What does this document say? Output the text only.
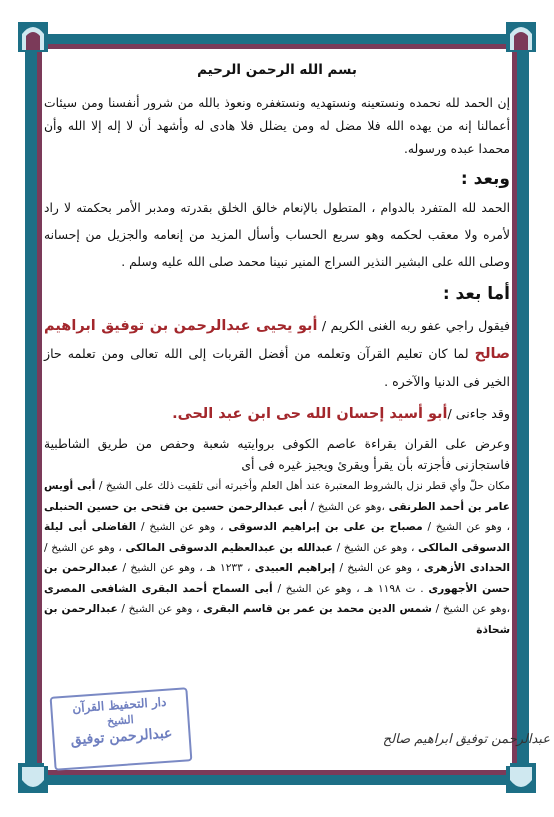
بسم الله الرحمن الرحيم

إن الحمد لله نحمده ونستعينه ونستهديه ونستغفره ونعوذ بالله من شرور أنفسنا ومن سيئات أعمالنا إنه من يهده الله فلا مضل له ومن يضلل فلا هادى له وأشهد أن لا إله إلا الله وأن محمدا عبده ورسوله.

وبعد :

الحمد لله المتفرد بالدوام ، المتطول بالإنعام خالق الخلق بقدرته ومدبر الأمر بحكمته لا راد لأمره ولا معقب لحكمه وهو سريع الحساب وأسأل المزيد من إنعامه والجزيل من إحسانه وصلى الله على البشير النذير السراج المنير نبينا محمد صلى الله عليه وسلم .

أما بعد :

فيقول راجي عفو ربه الغنى الكريم / أبو يحيى عبدالرحمن بن توفيق ابراهيم صالح لما كان تعليم القرآن وتعلمه من أفضل القربات إلى الله تعالى ومن تعلمه حاز الخير فى الدنيا والآخره .

وقد جاءنى /أبو أسيد إحسان الله حى ابن عبد الحى.

وعرض على القران بقراءة عاصم الكوفى بروايتيه شعبة وحفص من طريق الشاطبية فاستجازنى فأجزته بأن يقرأ ويقرئ ويجيز غيره فى أى

مكان حلّ وأي قطر نزل بالشروط المعتبرة عند أهل العلم وأخبرته أنى تلقيت ذلك على الشيخ / أبى أويس عامر بن أحمد الطرنقى ،وهو عن الشيخ / أبى عبدالرحمن حسين بن فتحى بن حسين الحنبلى ، وهو عن الشيخ / مصباح بن على بن إبراهيم الدسوقى ، وهو عن الشيخ / الفاضلى أبى ليلة الدسوقى المالكى ، وهو عن الشيخ / عبدالله بن عبدالعظيم الدسوقى المالكى ، وهو عن الشيخ /الحدادى الأزهرى ، وهو عن الشيخ / إبراهيم العبيدى ، ١٢٣٣ هـ ، وهو عن الشيخ / عبدالرحمن بن حسن الأجهورى . ت ١١٩٨ هـ ، وهو عن الشيخ / أبى السماح أحمد البقرى الشافعى المصرى ،وهو عن الشيخ / شمس الدين محمد بن عمر بن قاسم البقرى ، وهو عن الشيخ / عبدالرحمن بن شحاذة

دار التحفيظ القرآن
الشيخ
عبدالرحمن توفيق	عبدالرحمن توفيق ابراهيم صالح
